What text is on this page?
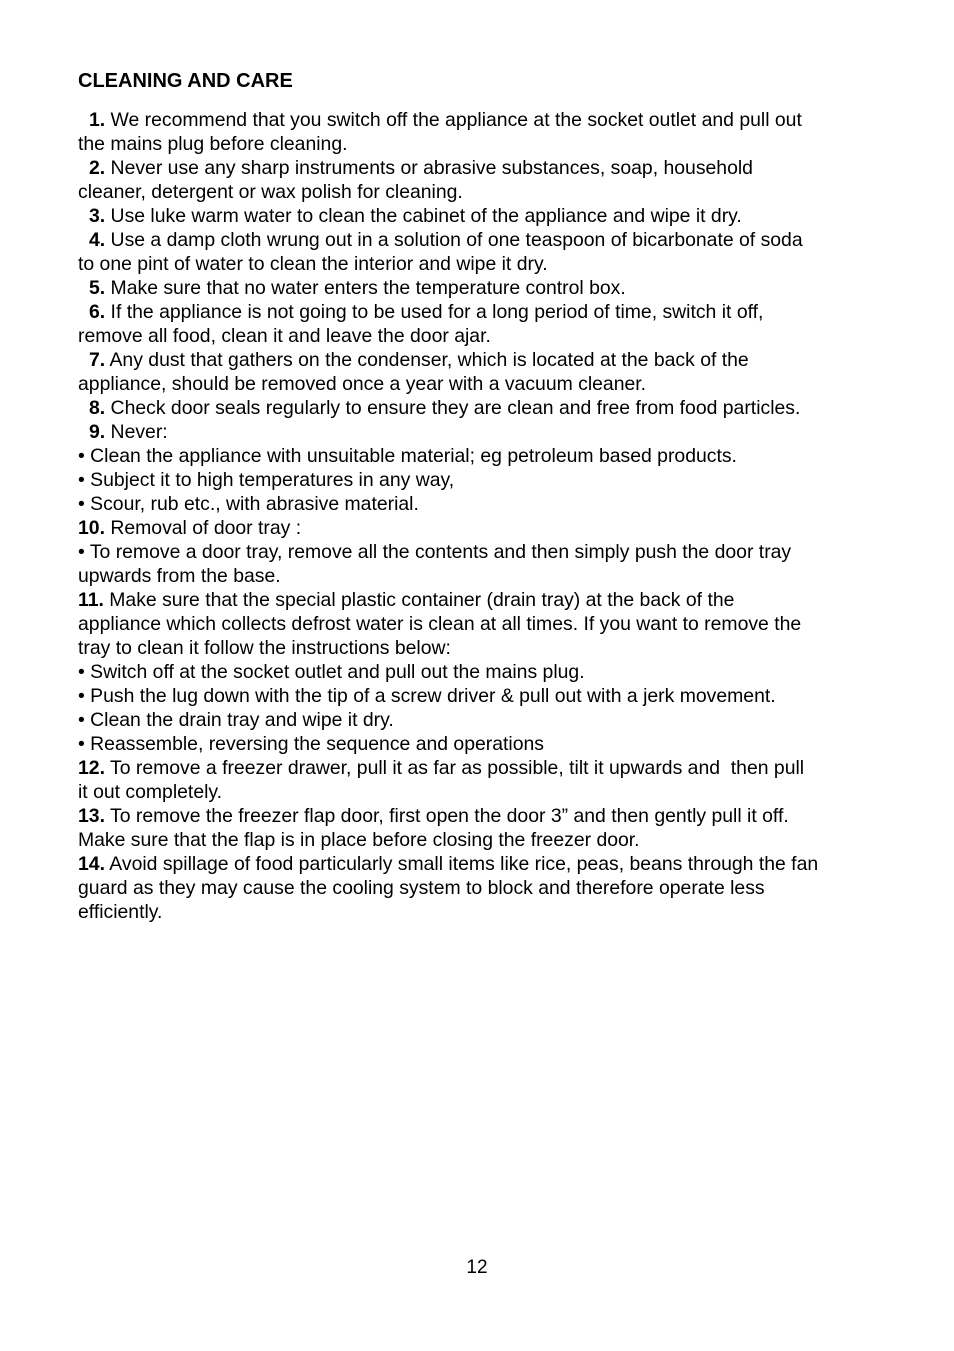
CLEANING AND CARE
1. We recommend that you switch off the appliance at the socket outlet and pull out
the mains plug before cleaning.
2. Never use any sharp instruments or abrasive substances, soap, household
cleaner, detergent or wax polish for cleaning.
3. Use luke warm water to clean the cabinet of the appliance and wipe it dry.
4. Use a damp cloth wrung out in a solution of one teaspoon of bicarbonate of soda
to one pint of water to clean the interior and wipe it dry.
5. Make sure that no water enters the temperature control box.
6. If the appliance is not going to be used for a long period of time, switch it off,
remove all food, clean it and leave the door ajar.
7. Any dust that gathers on the condenser, which is located at the back of the
appliance, should be removed once a year with a vacuum cleaner.
8. Check door seals regularly to ensure they are clean and free from food particles.
9. Never:
• Clean the appliance with unsuitable material; eg petroleum based products.
• Subject it to high temperatures in any way,
• Scour, rub etc., with abrasive material.
10. Removal of door tray :
• To remove a door tray, remove all the contents and then simply push the door tray
upwards from the base.
11. Make sure that the special plastic container (drain tray) at the back of the
appliance which collects defrost water is clean at all times. If you want to remove the
tray to clean it follow the instructions below:
• Switch off at the socket outlet and pull out the mains plug.
• Push the lug down with the tip of a screw driver & pull out with a jerk movement.
• Clean the drain tray and wipe it dry.
• Reassemble, reversing the sequence and operations
12. To remove a freezer drawer, pull it as far as possible, tilt it upwards and  then pull
it out completely.
13. To remove the freezer flap door, first open the door 3” and then gently pull it off.
Make sure that the flap is in place before closing the freezer door.
14. Avoid spillage of food particularly small items like rice, peas, beans through the fan
guard as they may cause the cooling system to block and therefore operate less
efficiently.
12
